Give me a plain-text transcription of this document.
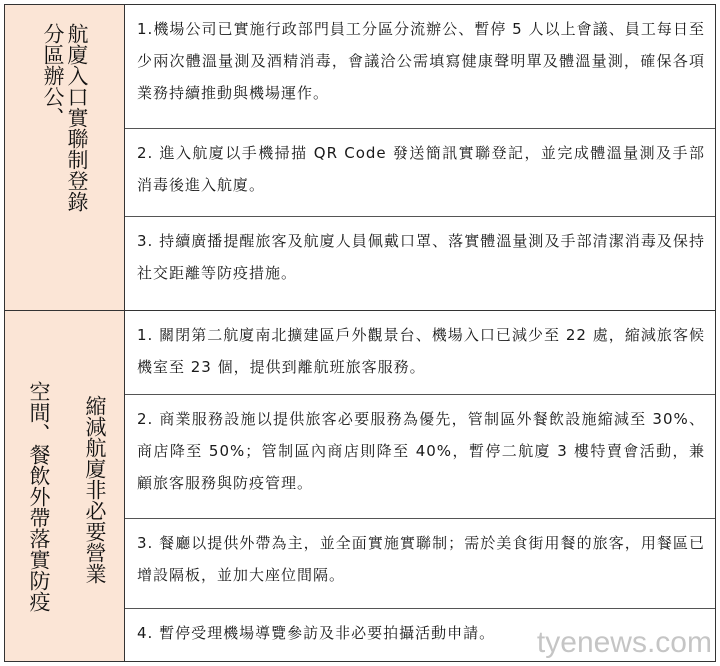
分區辦公、 航廈入口實聯制登錄	1.機場公司已實施行政部門員工分區分流辦公、暫停 5 人以上會議、員工每日至少兩次體溫量測及酒精消毒，會議洽公需填寫健康聲明單及體溫量測，確保各項業務持續推動與機場運作。
2. 進入航廈以手機掃描 QR Code 發送簡訊實聯登記，並完成體溫量測及手部消毒後進入航廈。
3. 持續廣播提醒旅客及航廈人員佩戴口罩、落實體溫量測及手部清潔消毒及保持社交距離等防疫措施。
縮減航廈非必要營業
空間、餐飲外帶落實防疫
1. 關閉第二航廈南北擴建區戶外觀景台、機場入口已減少至 22 處，縮減旅客候機室至 23 個，提供到離航班旅客服務。
2. 商業服務設施以提供旅客必要服務為優先，管制區外餐飲設施縮減至 30%、商店降至 50%；管制區內商店則降至 40%，暫停二航廈 3 樓特賣會活動，兼顧旅客服務與防疫管理。
3. 餐廳以提供外帶為主，並全面實施實聯制；需於美食街用餐的旅客，用餐區已增設隔板，並加大座位間隔。
4. 暫停受理機場導覽參訪及非必要拍攝活動申請。	tyenews.com
